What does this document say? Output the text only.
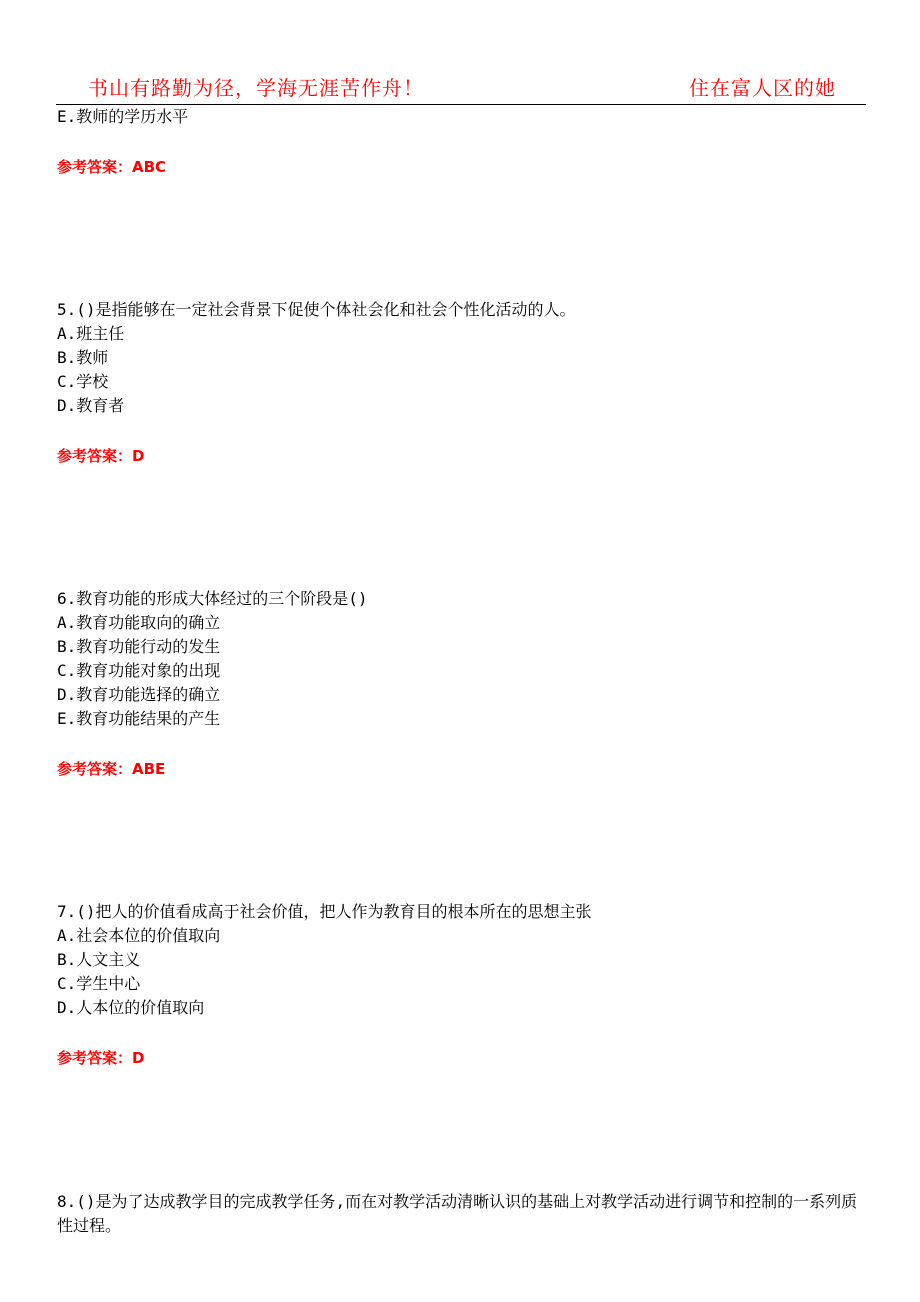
书山有路勤为径，学海无涯苦作舟！	住在富人区的她
E.教师的学历水平
参考答案：ABC
5.()是指能够在一定社会背景下促使个体社会化和社会个性化活动的人。
A.班主任
B.教师
C.学校
D.教育者
参考答案：D
6.教育功能的形成大体经过的三个阶段是()
A.教育功能取向的确立
B.教育功能行动的发生
C.教育功能对象的出现
D.教育功能选择的确立
E.教育功能结果的产生
参考答案：ABE
7.()把人的价值看成高于社会价值，把人作为教育目的根本所在的思想主张
A.社会本位的价值取向
B.人文主义
C.学生中心
D.人本位的价值取向
参考答案：D
8.()是为了达成教学目的完成教学任务,而在对教学活动清晰认识的基础上对教学活动进行调节和控制的一系列质性过程。
